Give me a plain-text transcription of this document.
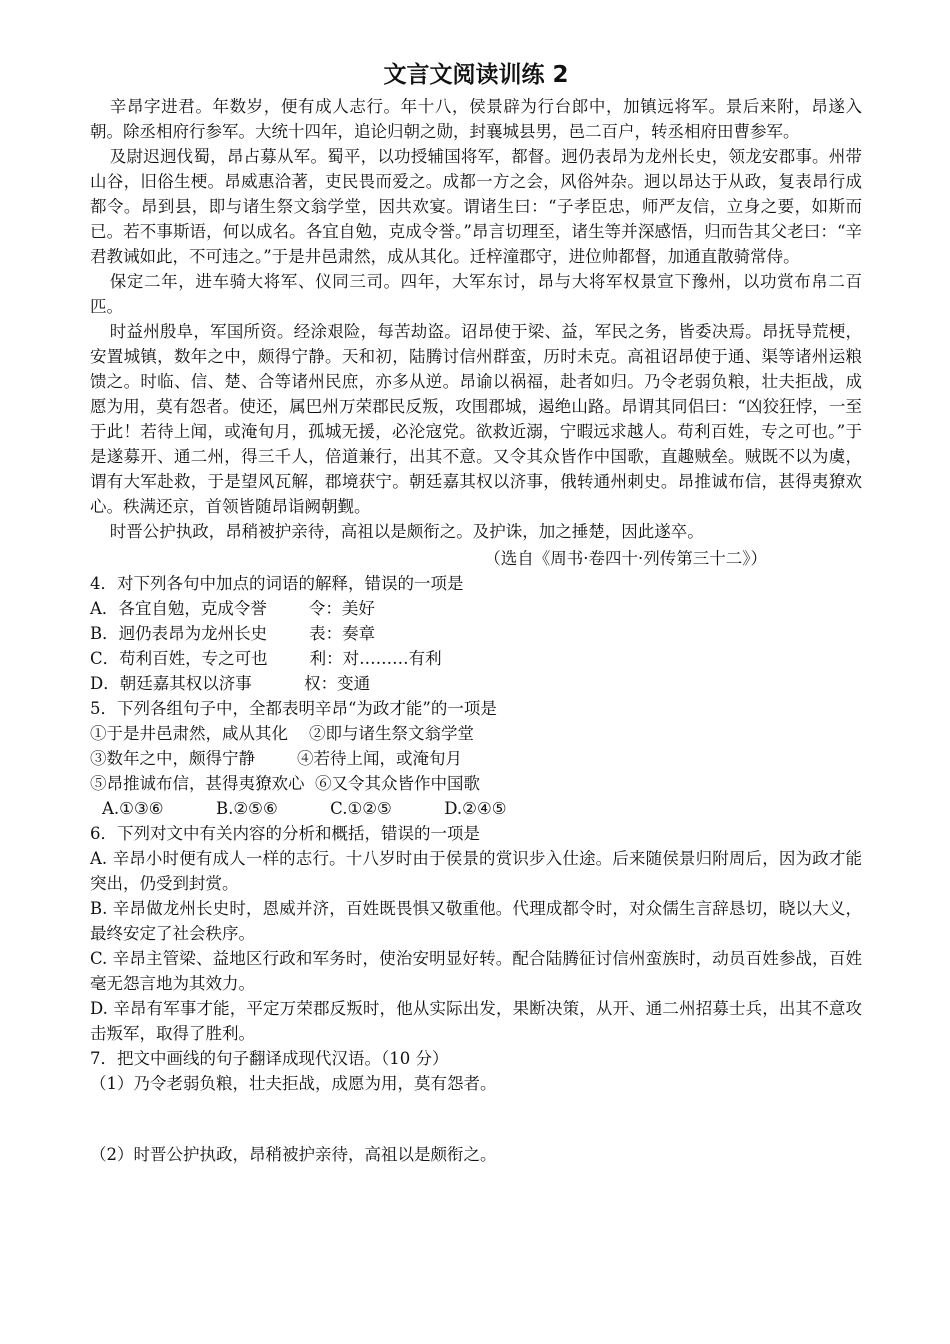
文言文阅读训练 2

辛昂字进君。年数岁，便有成人志行。年十八，侯景辟为行台郎中，加镇远将军。景后来附，昂遂入朝。除丞相府行参军。大统十四年，追论归朝之勋，封襄城县男，邑二百户，转丞相府田曹参军。

及尉迟迥伐蜀，昂占募从军。蜀平，以功授辅国将军，都督。迥仍表昂为龙州长史，领龙安郡事。州带山谷，旧俗生梗。昂威惠洽著，吏民畏而爱之。成都一方之会，风俗舛杂。迥以昂达于从政，复表昂行成都令。昂到县，即与诸生祭文翁学堂，因共欢宴。谓诸生曰：“子孝臣忠，师严友信，立身之要，如斯而已。若不事斯语，何以成名。各宜自勉，克成令誉。”昂言切理至，诸生等并深感悟，归而告其父老曰：“辛君教诫如此，不可违之。”于是井邑肃然，成从其化。迁梓潼郡守，进位帅都督，加通直散骑常侍。

保定二年，进车骑大将军、仪同三司。四年，大军东讨，昂与大将军权景宣下豫州，以功赏布帛二百匹。

时益州殷阜，军国所资。经涂艰险，每苦劫盗。诏昂使于梁、益，军民之务，皆委决焉。昂抚导荒梗，安置城镇，数年之中，颇得宁静。天和初，陆腾讨信州群蛮，历时未克。高祖诏昂使于通、渠等诸州运粮馈之。时临、信、楚、合等诸州民庶，亦多从逆。昂谕以祸福，赴者如归。乃令老弱负粮，壮夫拒战，成愿为用，莫有怨者。使还，属巴州万荣郡民反叛，攻围郡城，遏绝山路。昂谓其同侣曰：“凶狡狂悖，一至于此！若待上闻，或淹旬月，孤城无援，必沦寇党。欲救近溺，宁暇远求越人。苟利百姓，专之可也。”于是遂募开、通二州，得三千人，倍道兼行，出其不意。又令其众皆作中国歌，直趣贼垒。贼既不以为虞，谓有大军赴救，于是望风瓦解，郡境获宁。朝廷嘉其权以济事，俄转通州刺史。昂推诚布信，甚得夷獠欢心。秩满还京，首领皆随昂诣阙朝觐。

时晋公护执政，昂稍被护亲待，高祖以是颇衔之。及护诛，加之捶楚，因此遂卒。

（选自《周书·卷四十·列传第三十二》）

4．对下列各句中加点的词语的解释，错误的一项是

A．各宜自勉，克成令誉        令：美好

B．迥仍表昂为龙州长史        表：奏章

C．苟利百姓，专之可也        利：对………有利

D．朝廷嘉其权以济事          权：变通

5．下列各组句子中，全都表明辛昂“为政才能”的一项是

①于是井邑肃然，咸从其化    ②即与诸生祭文翁学堂

③数年之中，颇得宁静        ④若待上闻，或淹旬月

⑤昂推诚布信，甚得夷獠欢心  ⑥又令其众皆作中国歌

A.①③⑥          B.②⑤⑥          C.①②⑤          D.②④⑤

6．下列对文中有关内容的分析和概括，错误的一项是

A. 辛昂小时便有成人一样的志行。十八岁时由于侯景的赏识步入仕途。后来随侯景归附周后，因为政才能突出，仍受到封赏。

B. 辛昂做龙州长史时，恩威并济，百姓既畏惧又敬重他。代理成都令时，对众儒生言辞恳切，晓以大义，最终安定了社会秩序。

C. 辛昂主管梁、益地区行政和军务时，使治安明显好转。配合陆腾征讨信州蛮族时，动员百姓参战，百姓毫无怨言地为其效力。

D. 辛昂有军事才能，平定万荣郡反叛时，他从实际出发，果断决策，从开、通二州招募士兵，出其不意攻击叛军，取得了胜利。

7．把文中画线的句子翻译成现代汉语。（10 分）

（1）乃令老弱负粮，壮夫拒战，成愿为用，莫有怨者。

（2）时晋公护执政，昂稍被护亲待，高祖以是颇衔之。
